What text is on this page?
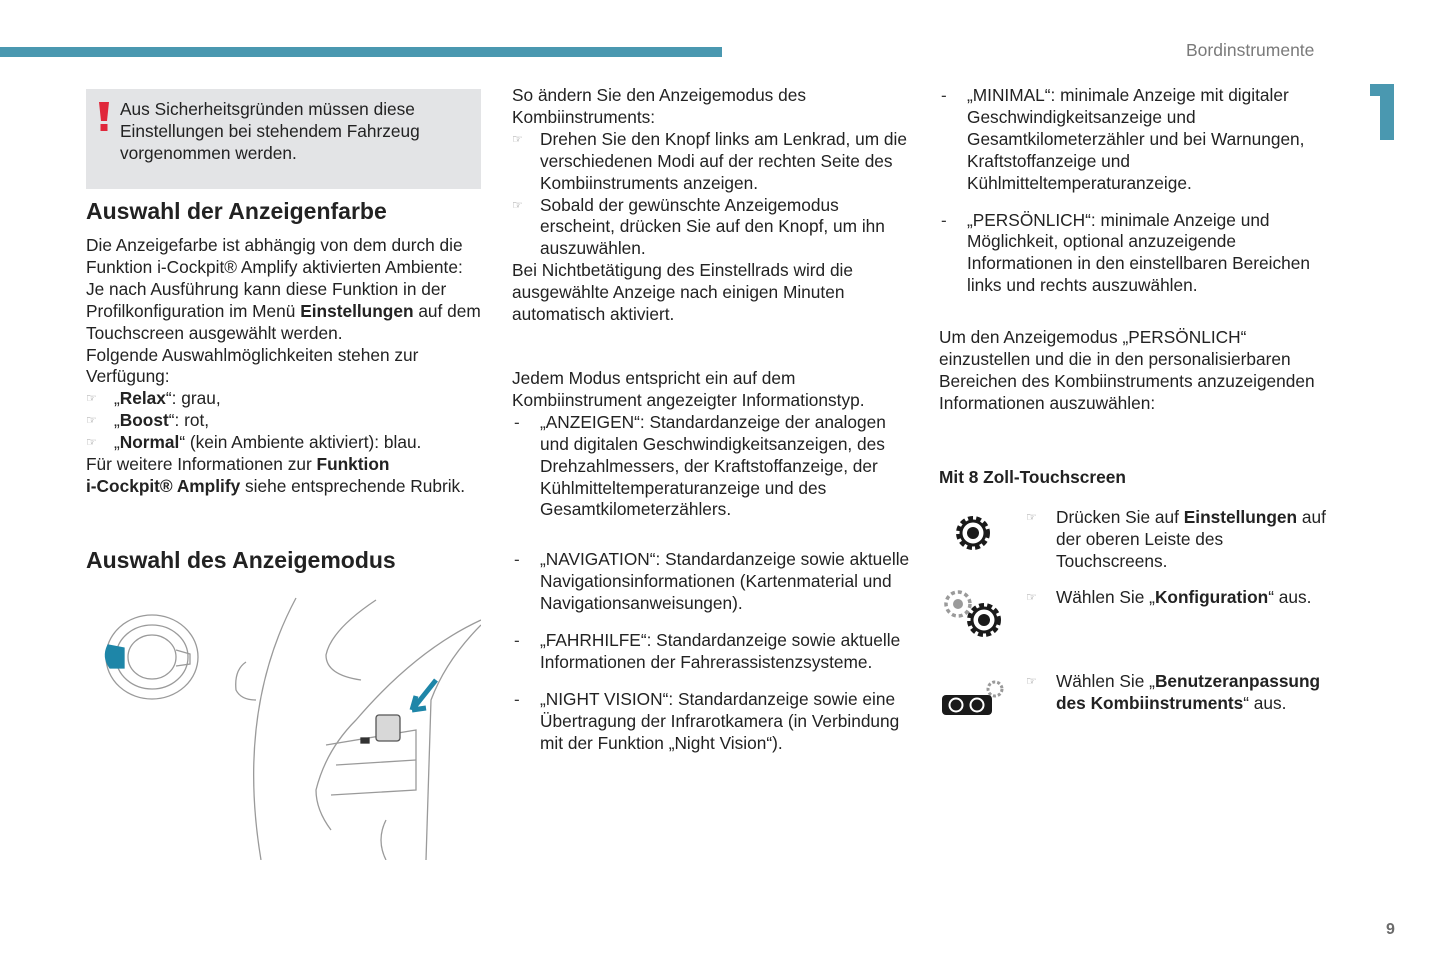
Bordinstrumente
9
Aus Sicherheitsgründen müssen diese Einstellungen bei stehendem Fahrzeug vorgenommen werden.
Auswahl der Anzeigenfarbe
Die Anzeigefarbe ist abhängig von dem durch die Funktion i-Cockpit® Amplify aktivierten Ambiente:
Je nach Ausführung kann diese Funktion in der Profilkonfiguration im Menü Einstellungen auf dem Touchscreen ausgewählt werden.
Folgende Auswahlmöglichkeiten stehen zur Verfügung:
☞ „Relax“: grau,
☞ „Boost“: rot,
☞ „Normal“ (kein Ambiente aktiviert): blau.
Für weitere Informationen zur Funktion
i-Cockpit® Amplify siehe entsprechende Rubrik.
Auswahl des Anzeigemodus
So ändern Sie den Anzeigemodus des Kombiinstruments:
☞ Drehen Sie den Knopf links am Lenkrad, um die verschiedenen Modi auf der rechten Seite des Kombiinstruments anzeigen.
☞ Sobald der gewünschte Anzeigemodus erscheint, drücken Sie auf den Knopf, um ihn auszuwählen.
Bei Nichtbetätigung des Einstellrads wird die ausgewählte Anzeige nach einigen Minuten automatisch aktiviert.
Jedem Modus entspricht ein auf dem Kombiinstrument angezeigter Informationstyp.
-	„ANZEIGEN“: Standardanzeige der analogen und digitalen Geschwindigkeitsanzeigen, des Drehzahlmessers, der Kraftstoffanzeige, der Kühlmitteltemperaturanzeige und des Gesamtkilometerzählers.
-	„NAVIGATION“: Standardanzeige sowie aktuelle Navigationsinformationen (Kartenmaterial und Navigationsanweisungen).
-	„FAHRHILFE“: Standardanzeige sowie aktuelle Informationen der Fahrerassistenzsysteme.
-	„NIGHT VISION“: Standardanzeige sowie eine Übertragung der Infrarotkamera (in Verbindung mit der Funktion „Night Vision“).
-	„MINIMAL“: minimale Anzeige mit digitaler Geschwindigkeitsanzeige und Gesamtkilometerzähler und bei Warnungen, Kraftstoffanzeige und Kühlmitteltemperaturanzeige.
-	„PERSÖNLICH“: minimale Anzeige und Möglichkeit, optional anzuzeigende Informationen in den einstellbaren Bereichen links und rechts auszuwählen.
Um den Anzeigemodus „PERSÖNLICH“ einzustellen und die in den personalisierbaren Bereichen des Kombiinstruments anzuzeigenden Informationen auszuwählen:
Mit 8 Zoll-Touchscreen
☞ Drücken Sie auf Einstellungen auf der oberen Leiste des Touchscreens.
☞ Wählen Sie „Konfiguration“ aus.
☞ Wählen Sie „Benutzeranpassung des Kombiinstruments“ aus.
